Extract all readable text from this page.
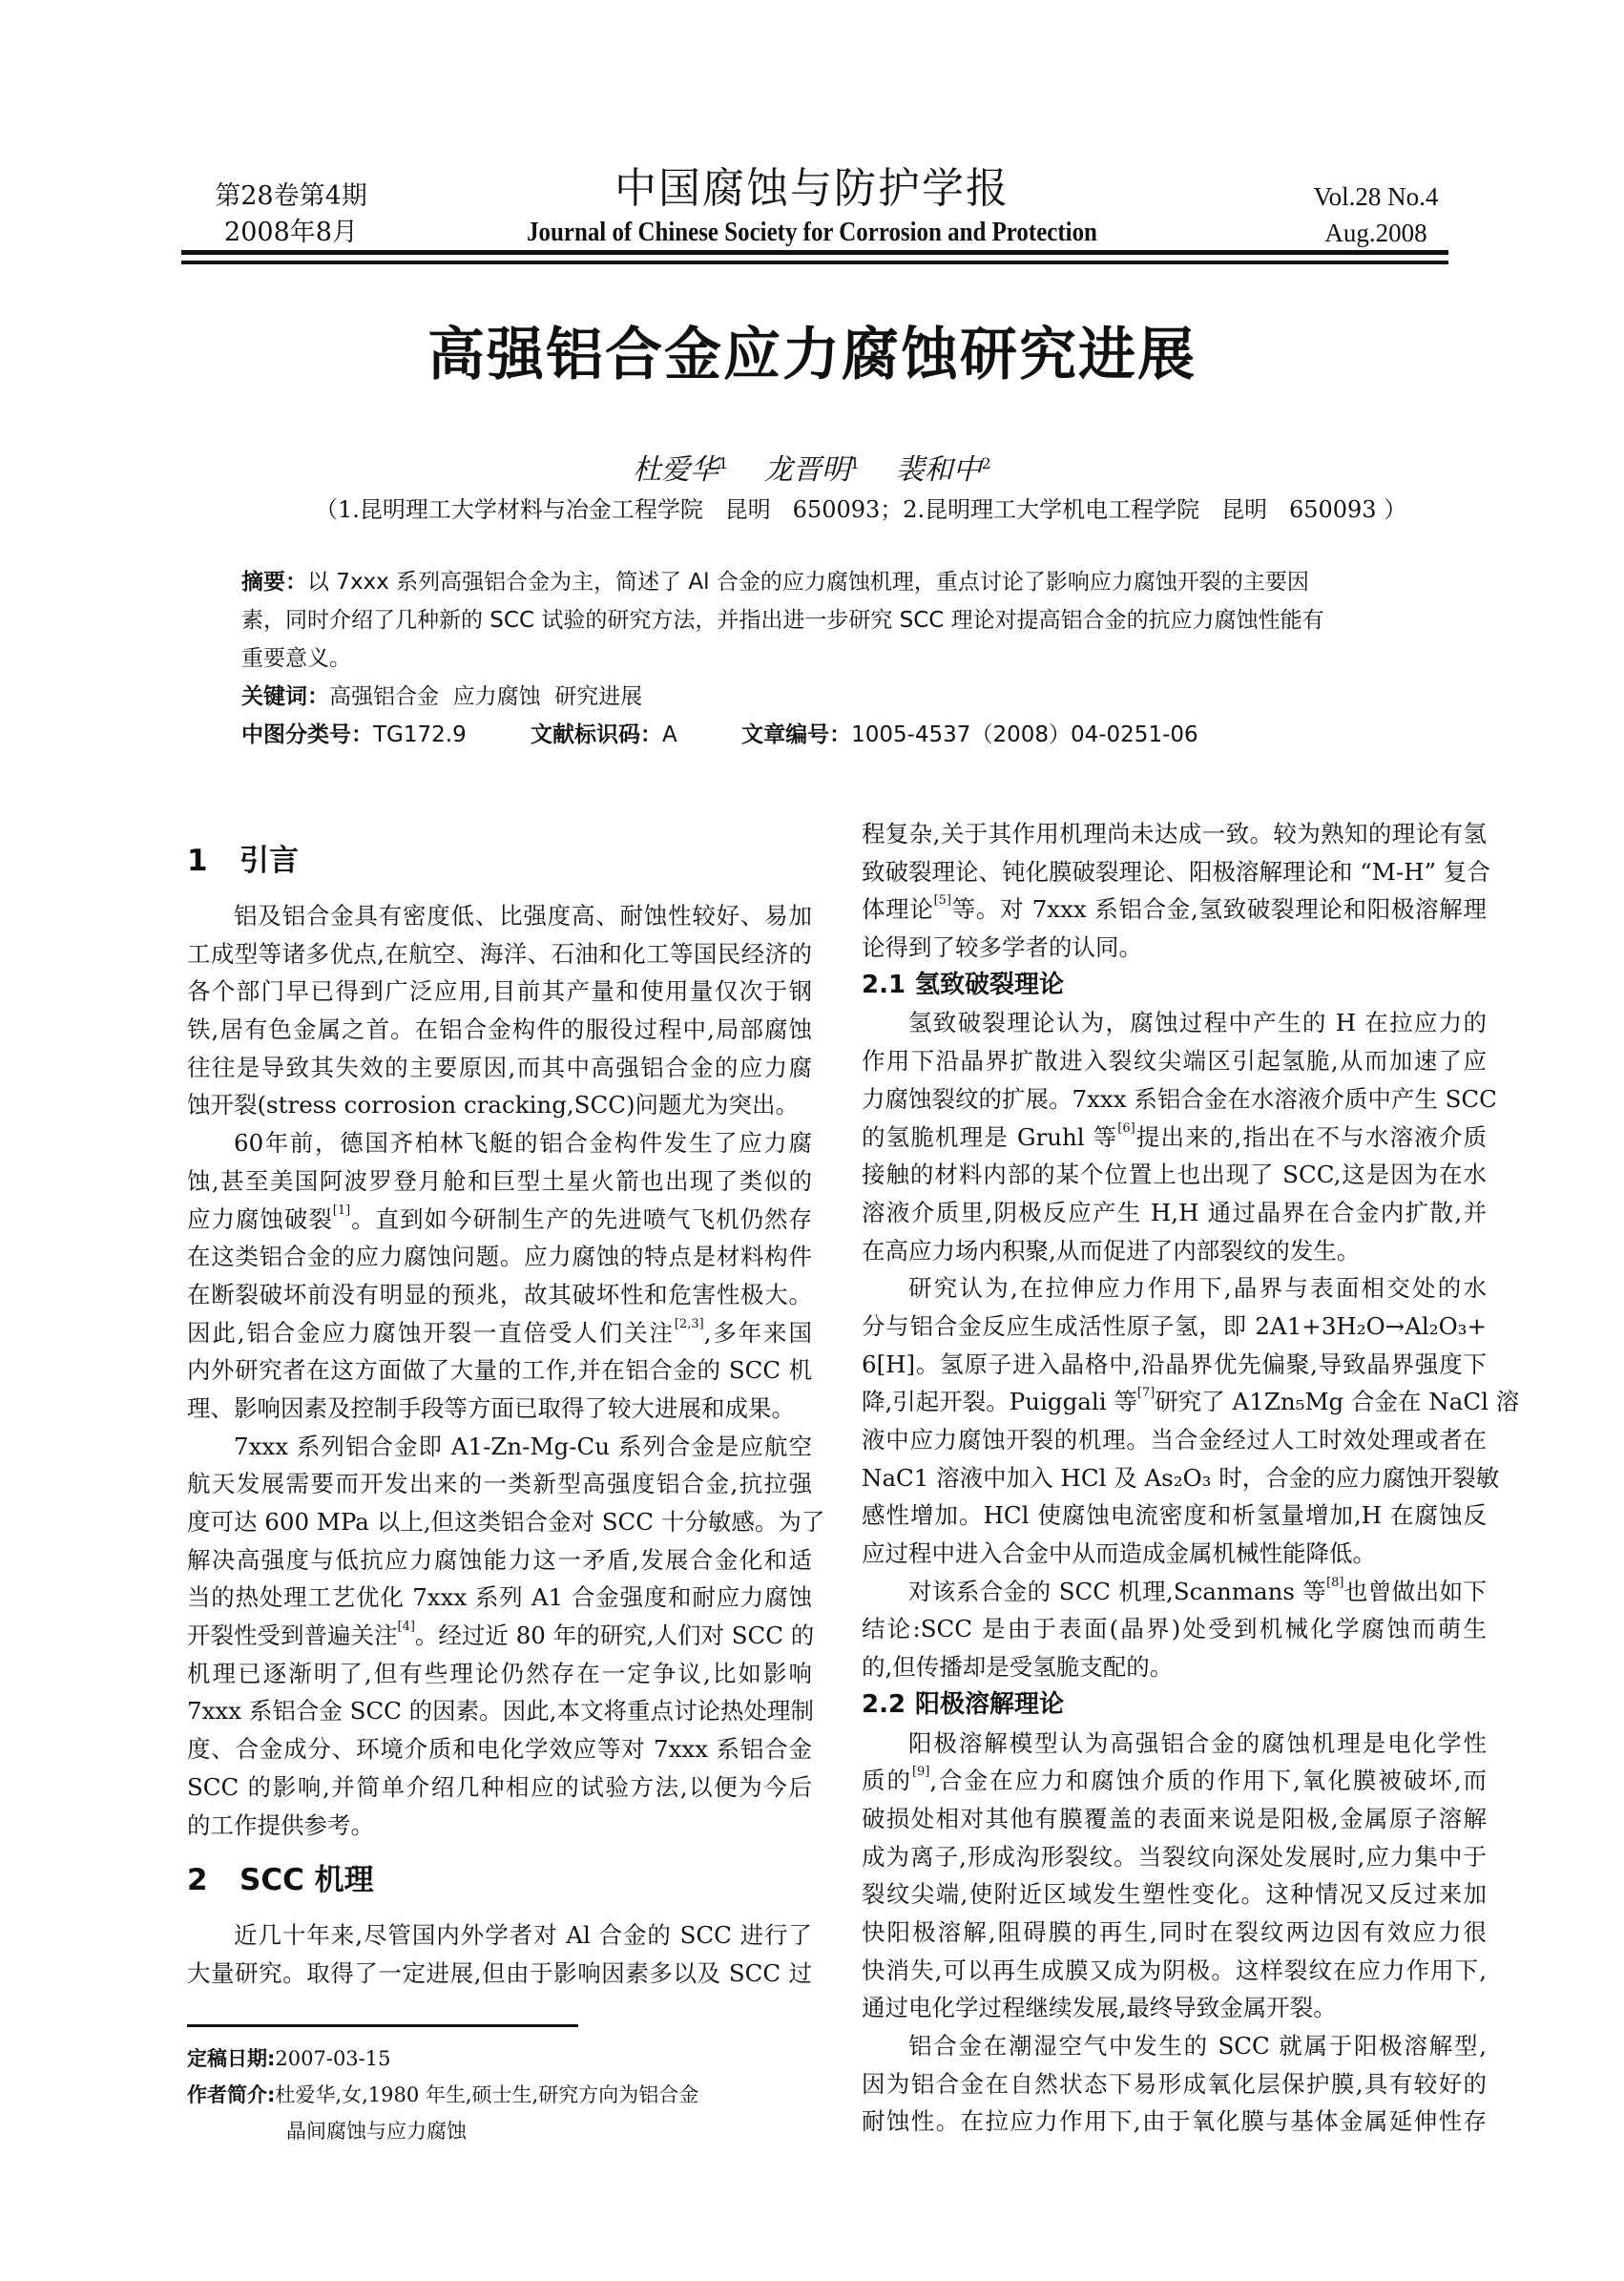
第28卷第4期
2008年8月
中国腐蚀与防护学报
Journal of Chinese Society for Corrosion and Protection
Vol.28 No.4
Aug.2008
高强铝合金应力腐蚀研究进展
杜爱华$^1$ 龙晋明$^1$ 裴和中$^2$
（1.昆明理工大学材料与冶金工程学院   昆明   650093；2.昆明理工大学机电工程学院   昆明   650093 ）
摘要：以 7xxx 系列高强铝合金为主，简述了 Al 合金的应力腐蚀机理，重点讨论了影响应力腐蚀开裂的主要因
素，同时介绍了几种新的 SCC 试验的研究方法，并指出进一步研究 SCC 理论对提高铝合金的抗应力腐蚀性能有
重要意义。
关键词：高强铝合金  应力腐蚀  研究进展
中图分类号：TG172.9	文献标识码：A	文章编号：1005-4537（2008）04-0251-06
1 引言
铝及铝合金具有密度低、比强度高、耐蚀性较好、易加
工成型等诸多优点,在航空、海洋、石油和化工等国民经济的
各个部门早已得到广泛应用,目前其产量和使用量仅次于钢
铁,居有色金属之首。在铝合金构件的服役过程中,局部腐蚀
往往是导致其失效的主要原因,而其中高强铝合金的应力腐
蚀开裂(stress corrosion cracking,SCC)问题尤为突出。
60年前，德国齐柏林飞艇的铝合金构件发生了应力腐
蚀,甚至美国阿波罗登月舱和巨型土星火箭也出现了类似的
应力腐蚀破裂[1]。直到如今研制生产的先进喷气飞机仍然存
在这类铝合金的应力腐蚀问题。应力腐蚀的特点是材料构件
在断裂破坏前没有明显的预兆，故其破坏性和危害性极大。
因此,铝合金应力腐蚀开裂一直倍受人们关注[2,3],多年来国
内外研究者在这方面做了大量的工作,并在铝合金的 SCC 机
理、影响因素及控制手段等方面已取得了较大进展和成果。
7xxx 系列铝合金即 A1-Zn-Mg-Cu 系列合金是应航空
航天发展需要而开发出来的一类新型高强度铝合金,抗拉强
度可达 600 MPa 以上,但这类铝合金对 SCC 十分敏感。为了
解决高强度与低抗应力腐蚀能力这一矛盾,发展合金化和适
当的热处理工艺优化 7xxx 系列 A1 合金强度和耐应力腐蚀
开裂性受到普遍关注[4]。经过近 80 年的研究,人们对 SCC 的
机理已逐渐明了,但有些理论仍然存在一定争议,比如影响
7xxx 系铝合金 SCC 的因素。因此,本文将重点讨论热处理制
度、合金成分、环境介质和电化学效应等对 7xxx 系铝合金
SCC 的影响,并简单介绍几种相应的试验方法,以便为今后
的工作提供参考。
2 SCC 机理
近几十年来,尽管国内外学者对 Al 合金的 SCC 进行了
大量研究。取得了一定进展,但由于影响因素多以及 SCC 过
程复杂,关于其作用机理尚未达成一致。较为熟知的理论有氢
致破裂理论、钝化膜破裂理论、阳极溶解理论和 “M-H” 复合
体理论[5]等。对 7xxx 系铝合金,氢致破裂理论和阳极溶解理
论得到了较多学者的认同。
2.1 氢致破裂理论
氢致破裂理论认为，腐蚀过程中产生的 H 在拉应力的
作用下沿晶界扩散进入裂纹尖端区引起氢脆,从而加速了应
力腐蚀裂纹的扩展。7xxx 系铝合金在水溶液介质中产生 SCC
的氢脆机理是 Gruhl 等[6]提出来的,指出在不与水溶液介质
接触的材料内部的某个位置上也出现了 SCC,这是因为在水
溶液介质里,阴极反应产生 H,H 通过晶界在合金内扩散,并
在高应力场内积聚,从而促进了内部裂纹的发生。
研究认为,在拉伸应力作用下,晶界与表面相交处的水
分与铝合金反应生成活性原子氢，即 2A1+3H₂O→Al₂O₃+
6[H]。氢原子进入晶格中,沿晶界优先偏聚,导致晶界强度下
降,引起开裂。Puiggali 等[7]研究了 A1Zn₅Mg 合金在 NaCl 溶
液中应力腐蚀开裂的机理。当合金经过人工时效处理或者在
NaC1 溶液中加入 HCl 及 As₂O₃ 时，合金的应力腐蚀开裂敏
感性增加。HCl 使腐蚀电流密度和析氢量增加,H 在腐蚀反
应过程中进入合金中从而造成金属机械性能降低。
对该系合金的 SCC 机理,Scanmans 等[8]也曾做出如下
结论:SCC 是由于表面(晶界)处受到机械化学腐蚀而萌生
的,但传播却是受氢脆支配的。
2.2 阳极溶解理论
阳极溶解模型认为高强铝合金的腐蚀机理是电化学性
质的[9],合金在应力和腐蚀介质的作用下,氧化膜被破坏,而
破损处相对其他有膜覆盖的表面来说是阳极,金属原子溶解
成为离子,形成沟形裂纹。当裂纹向深处发展时,应力集中于
裂纹尖端,使附近区域发生塑性变化。这种情况又反过来加
快阳极溶解,阻碍膜的再生,同时在裂纹两边因有效应力很
快消失,可以再生成膜又成为阴极。这样裂纹在应力作用下,
通过电化学过程继续发展,最终导致金属开裂。
铝合金在潮湿空气中发生的 SCC 就属于阳极溶解型,
因为铝合金在自然状态下易形成氧化层保护膜,具有较好的
耐蚀性。在拉应力作用下,由于氧化膜与基体金属延伸性存
定稿日期:2007-03-15
作者简介:杜爱华,女,1980 年生,硕士生,研究方向为铝合金
晶间腐蚀与应力腐蚀
